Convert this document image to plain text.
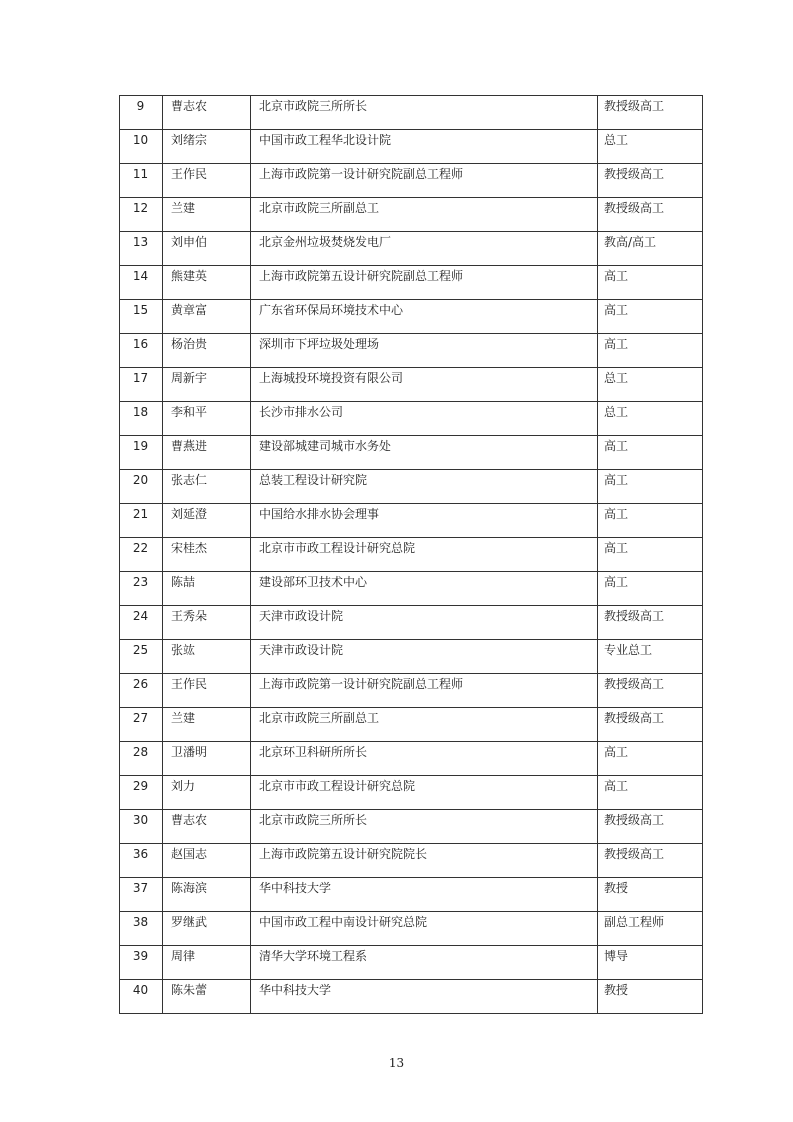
9	曹志农	北京市政院三所所长	教授级高工

10	刘绪宗	中国市政工程华北设计院	总工

11	王作民	上海市政院第一设计研究院副总工程师	教授级高工

12	兰建	北京市政院三所副总工	教授级高工

13	刘申伯	北京金州垃圾焚烧发电厂	教高/高工

14	熊建英	上海市政院第五设计研究院副总工程师	高工

15	黄章富	广东省环保局环境技术中心	高工

16	杨治贵	深圳市下坪垃圾处理场	高工

17	周新宇	上海城投环境投资有限公司	总工

18	李和平	长沙市排水公司	总工

19	曹燕进	建设部城建司城市水务处	高工

20	张志仁	总装工程设计研究院	高工

21	刘延澄	中国给水排水协会理事	高工

22	宋桂杰	北京市市政工程设计研究总院	高工

23	陈喆	建设部环卫技术中心	高工

24	王秀朵	天津市政设计院	教授级高工

25	张竑	天津市政设计院	专业总工

26	王作民	上海市政院第一设计研究院副总工程师	教授级高工

27	兰建	北京市政院三所副总工	教授级高工

28	卫潘明	北京环卫科研所所长	高工

29	刘力	北京市市政工程设计研究总院	高工

30	曹志农	北京市政院三所所长	教授级高工

36	赵国志	上海市政院第五设计研究院院长	教授级高工

37	陈海滨	华中科技大学	教授

38	罗继武	中国市政工程中南设计研究总院	副总工程师

39	周律	清华大学环境工程系	博导

40	陈朱蕾	华中科技大学	教授
13
